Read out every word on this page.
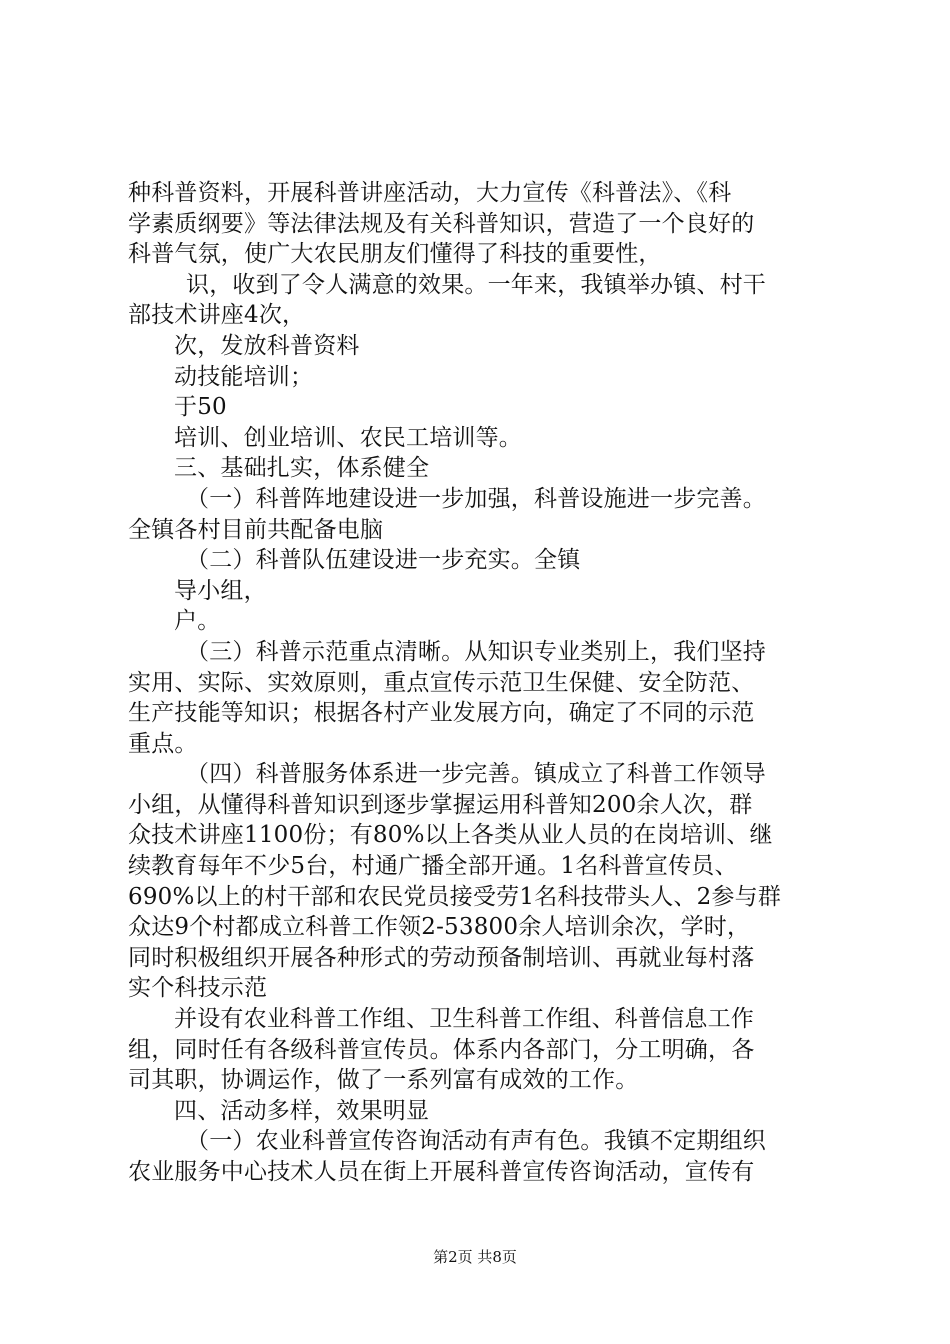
种科普资料，开展科普讲座活动，大力宣传《科普法》、《科
学素质纲要》等法律法规及有关科普知识，营造了一个良好的
科普气氛，使广大农民朋友们懂得了科技的重要性，
识，收到了令人满意的效果。一年来，我镇举办镇、村干
部技术讲座4次，
次，发放科普资料
动技能培训；
于50
培训、创业培训、农民工培训等。
三、基础扎实，体系健全
（一）科普阵地建设进一步加强，科普设施进一步完善。
全镇各村目前共配备电脑
（二）科普队伍建设进一步充实。全镇
导小组，
户。
（三）科普示范重点清晰。从知识专业类别上，我们坚持
实用、实际、实效原则，重点宣传示范卫生保健、安全防范、
生产技能等知识；根据各村产业发展方向，确定了不同的示范
重点。
（四）科普服务体系进一步完善。镇成立了科普工作领导
小组，从懂得科普知识到逐步掌握运用科普知200余人次，群
众技术讲座1100份；有80%以上各类从业人员的在岗培训、继
续教育每年不少5台，村通广播全部开通。1名科普宣传员、
690%以上的村干部和农民党员接受劳1名科技带头人、2参与群
众达9个村都成立科普工作领2-53800余人培训余次，学时，
同时积极组织开展各种形式的劳动预备制培训、再就业每村落
实个科技示范
并设有农业科普工作组、卫生科普工作组、科普信息工作
组，同时任有各级科普宣传员。体系内各部门，分工明确，各
司其职，协调运作，做了一系列富有成效的工作。
四、活动多样，效果明显
（一）农业科普宣传咨询活动有声有色。我镇不定期组织
农业服务中心技术人员在街上开展科普宣传咨询活动，宣传有
第2页 共8页
